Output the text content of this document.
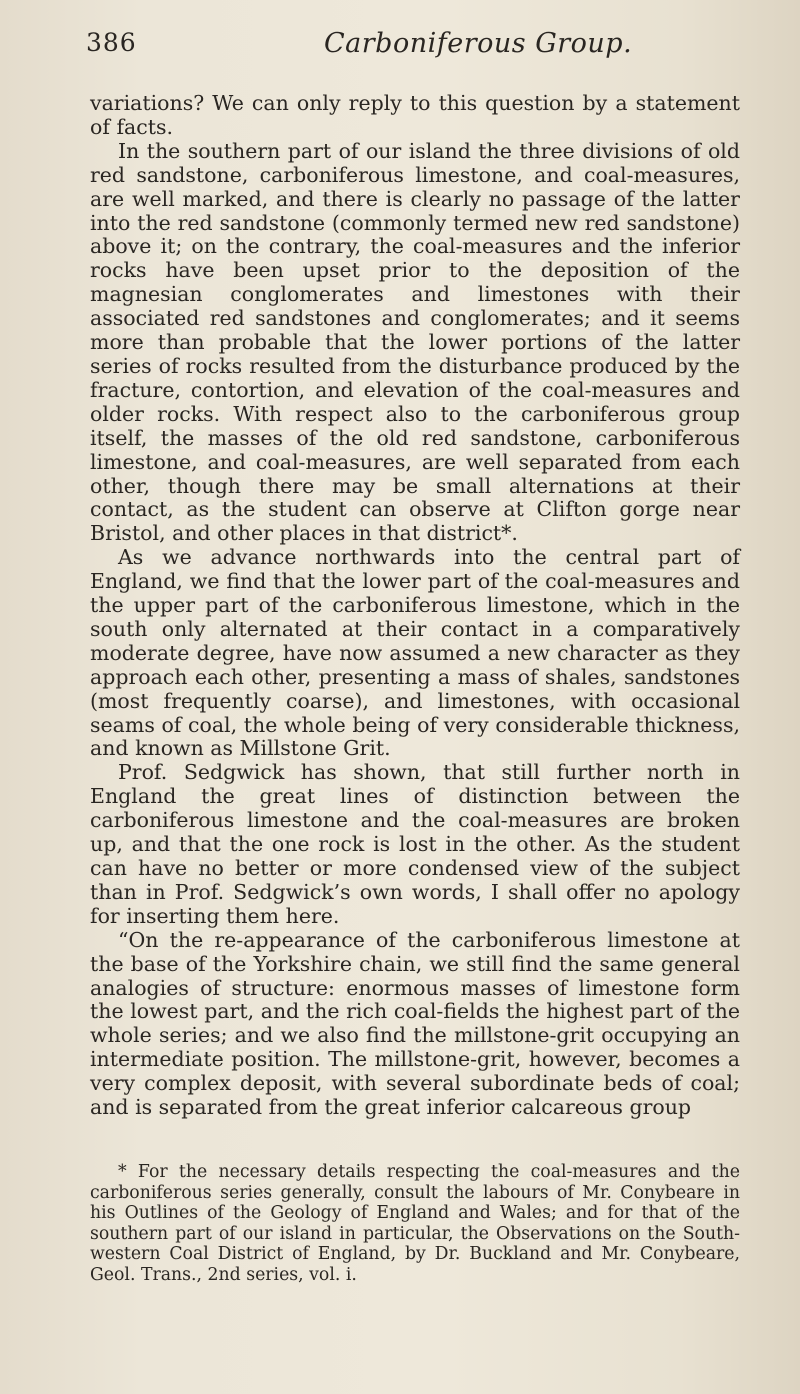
386	Carboniferous Group.

variations? We can only reply to this question by a statement of facts.

In the southern part of our island the three divisions of old red sandstone, carboniferous limestone, and coal-measures, are well marked, and there is clearly no passage of the latter into the red sandstone (commonly termed new red sandstone) above it; on the contrary, the coal-measures and the inferior rocks have been upset prior to the deposition of the magnesian conglomerates and limestones with their associated red sandstones and conglomerates; and it seems more than probable that the lower portions of the latter series of rocks resulted from the disturbance produced by the fracture, contortion, and elevation of the coal-measures and older rocks. With respect also to the carboniferous group itself, the masses of the old red sandstone, carboniferous limestone, and coal-measures, are well separated from each other, though there may be small alternations at their contact, as the student can observe at Clifton gorge near Bristol, and other places in that district*.

As we advance northwards into the central part of England, we find that the lower part of the coal-measures and the upper part of the carboniferous limestone, which in the south only alternated at their contact in a comparatively moderate degree, have now assumed a new character as they approach each other, presenting a mass of shales, sandstones (most frequently coarse), and limestones, with occasional seams of coal, the whole being of very considerable thickness, and known as Millstone Grit.

Prof. Sedgwick has shown, that still further north in England the great lines of distinction between the carboniferous limestone and the coal-measures are broken up, and that the one rock is lost in the other. As the student can have no better or more condensed view of the subject than in Prof. Sedgwick’s own words, I shall offer no apology for inserting them here.

“On the re-appearance of the carboniferous limestone at the base of the Yorkshire chain, we still find the same general analogies of structure: enormous masses of limestone form the lowest part, and the rich coal-fields the highest part of the whole series; and we also find the millstone-grit occupying an intermediate position. The millstone-grit, however, becomes a very complex deposit, with several subordinate beds of coal; and is separated from the great inferior calcareous group

* For the necessary details respecting the coal-measures and the carboniferous series generally, consult the labours of Mr. Conybeare in his Outlines of the Geology of England and Wales; and for that of the southern part of our island in particular, the Observations on the South-western Coal District of England, by Dr. Buckland and Mr. Conybeare, Geol. Trans., 2nd series, vol. i.
